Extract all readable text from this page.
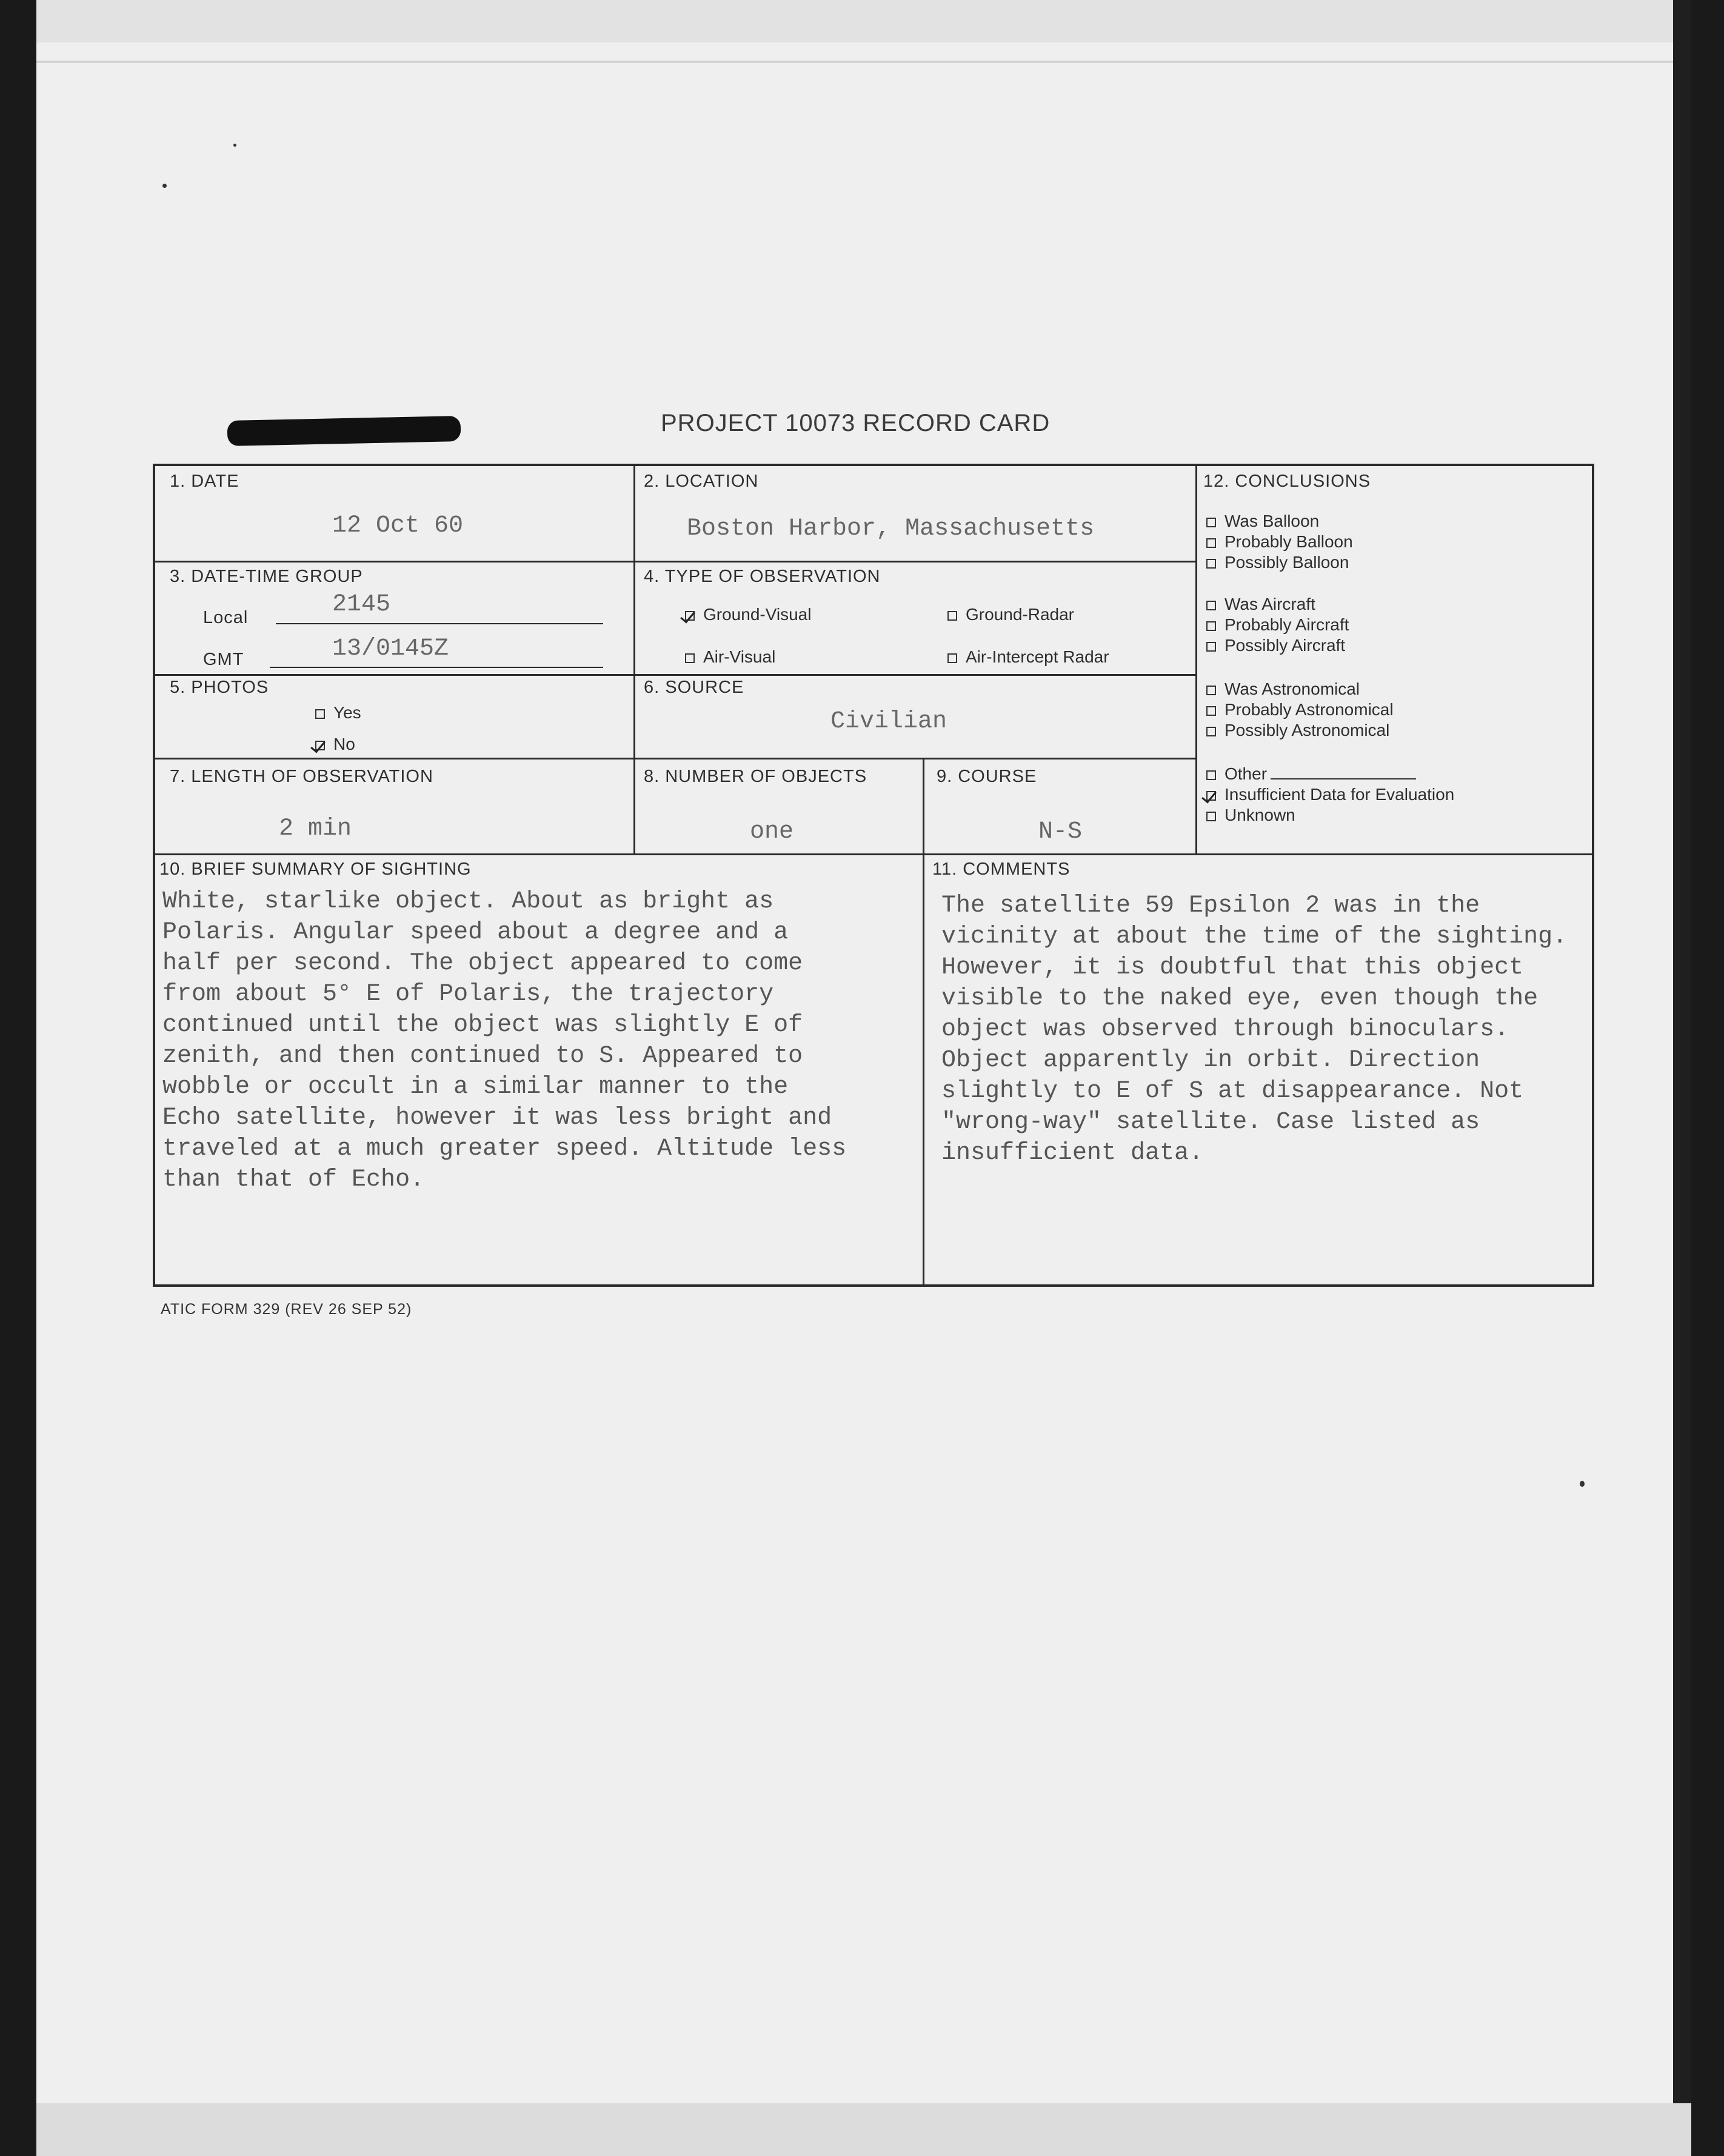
PROJECT 10073 RECORD CARD
1. DATE
12 Oct 60
2. LOCATION
Boston Harbor, Massachusetts
3. DATE-TIME GROUP
Local	2145
GMT	13/0145Z
4. TYPE OF OBSERVATION
Ground-Visual	Ground-Radar
Air-Visual	Air-Intercept Radar
5. PHOTOS
Yes
No
6. SOURCE
Civilian
7. LENGTH OF OBSERVATION
2 min
8. NUMBER OF OBJECTS
one
9. COURSE
N-S
12. CONCLUSIONS
Was Balloon
Probably Balloon
Possibly Balloon
Was Aircraft
Probably Aircraft
Possibly Aircraft
Was Astronomical
Probably Astronomical
Possibly Astronomical
Other
Insufficient Data for Evaluation
Unknown
10. BRIEF SUMMARY OF SIGHTING
White, starlike object. About as bright as
Polaris. Angular speed about a degree and a
half per second. The object appeared to come
from about 5° E of Polaris, the trajectory
continued until the object was slightly E of
zenith, and then continued to S. Appeared to
wobble or occult in a similar manner to the
Echo satellite, however it was less bright and
traveled at a much greater speed. Altitude less
than that of Echo.
11. COMMENTS
The satellite 59 Epsilon 2 was in the
vicinity at about the time of the sighting.
However, it is doubtful that this object
visible to the naked eye, even though the
object was observed through binoculars.
Object apparently in orbit. Direction
slightly to E of S at disappearance. Not
"wrong-way" satellite. Case listed as
insufficient data.
ATIC FORM 329 (REV 26 SEP 52)
